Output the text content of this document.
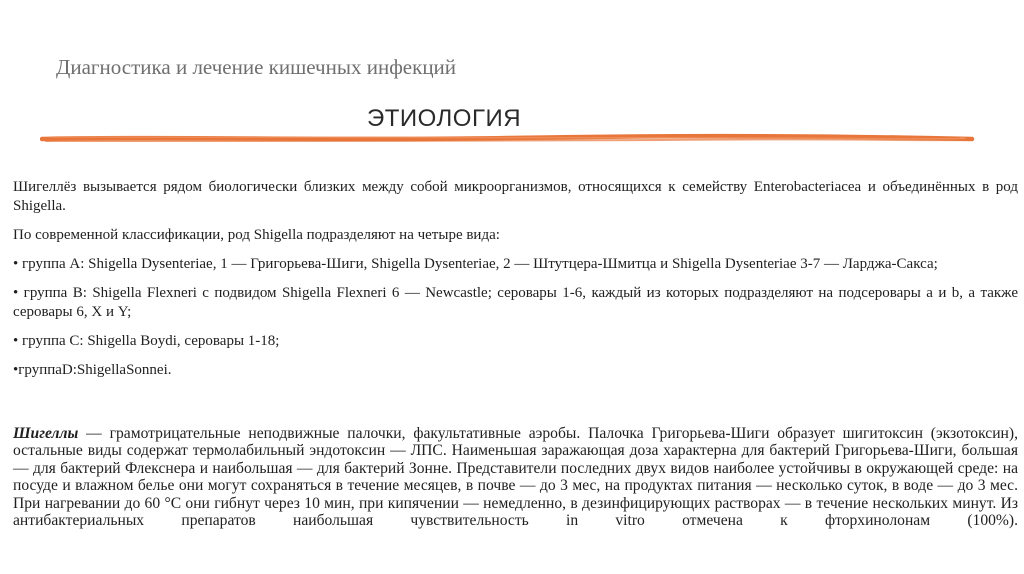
Диагностика и лечение кишечных инфекций
ЭТИОЛОГИЯ

Шигеллёз вызывается рядом биологически близких между собой микроорганизмов, относящихся к семейству Enterobacteriacea и объединённых в род Shigella.

По современной классификации, род Shigella подразделяют на четыре вида:

• группа A: Shigella Dysenteriae, 1 — Григорьева-Шиги, Shigella Dysenteriae, 2 — Штутцера-Шмитца и Shigella Dysenteriae 3-7 — Ларджа-Сакса;

• группа B: Shigella Flexneri с подвидом Shigella Flexneri 6 — Newcastle; серовары 1-6, каждый из которых подразделяют на подсеровары a и b, а также серовары 6, X и Y;

• группа C: Shigella Boydi, серовары 1-18;

•группаD:ShigellaSonnei.

Шигеллы — грамотрицательные неподвижные палочки, факультативные аэробы. Палочка Григорьева-Шиги образует шигитоксин (экзотоксин), остальные виды содержат термолабильный эндотоксин — ЛПС. Наименьшая заражающая доза характерна для бактерий Григорьева-Шиги, большая — для бактерий Флекснера и наибольшая — для бактерий Зонне. Представители последних двух видов наиболее устойчивы в окружающей среде: на посуде и влажном белье они могут сохраняться в течение месяцев, в почве — до 3 мес, на продуктах питания — несколько суток, в воде — до 3 мес. При нагревании до 60 °С они гибнут через 10 мин, при кипячении — немедленно, в дезинфицирующих растворах — в течение нескольких минут. Из антибактериальных препаратов наибольшая чувствительность in vitro отмечена к фторхинолонам (100%).
